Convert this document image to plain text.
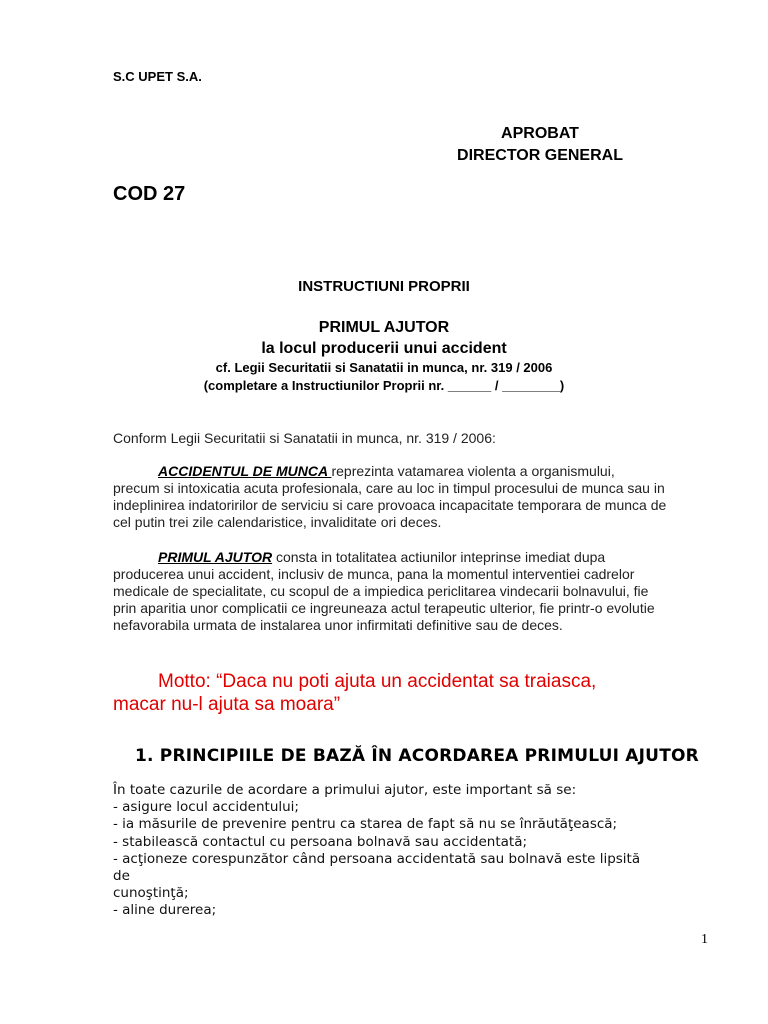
S.C UPET S.A.
APROBAT
DIRECTOR GENERAL
COD 27
INSTRUCTIUNI PROPRII
PRIMUL AJUTOR
la locul producerii unui accident
cf. Legii Securitatii si Sanatatii in munca, nr. 319 / 2006
(completare a Instructiunilor Proprii nr. ______ / ________)
Conform Legii Securitatii si Sanatatii in munca, nr. 319 / 2006:
ACCIDENTUL DE MUNCA reprezinta vatamarea violenta a organismului,
precum si intoxicatia acuta profesionala, care au loc in timpul procesului de munca sau in
indeplinirea indatoririlor de serviciu si care provoaca incapacitate temporara de munca de
cel putin trei zile calendaristice, invaliditate ori deces.
PRIMUL AJUTOR consta in totalitatea actiunilor inteprinse imediat dupa
producerea unui accident, inclusiv de munca, pana la momentul interventiei cadrelor
medicale de specialitate, cu scopul de a impiedica periclitarea vindecarii bolnavului, fie
prin aparitia unor complicatii ce ingreuneaza actul terapeutic ulterior, fie printr-o evolutie
nefavorabila urmata de instalarea unor infirmitati definitive sau de deces.
Motto: “Daca nu poti ajuta un accidentat sa traiasca,
macar nu-l ajuta sa moara”
1. PRINCIPIILE DE BAZĂ ÎN ACORDAREA PRIMULUI AJUTOR
În toate cazurile de acordare a primului ajutor, este important să se:
- asigure locul accidentului;
- ia măsurile de prevenire pentru ca starea de fapt să nu se înrăutăţească;
- stabilească contactul cu persoana bolnavă sau accidentată;
- acţioneze corespunzător când persoana accidentată sau bolnavă este lipsită
de
cunoştinţă;
- aline durerea;
1
